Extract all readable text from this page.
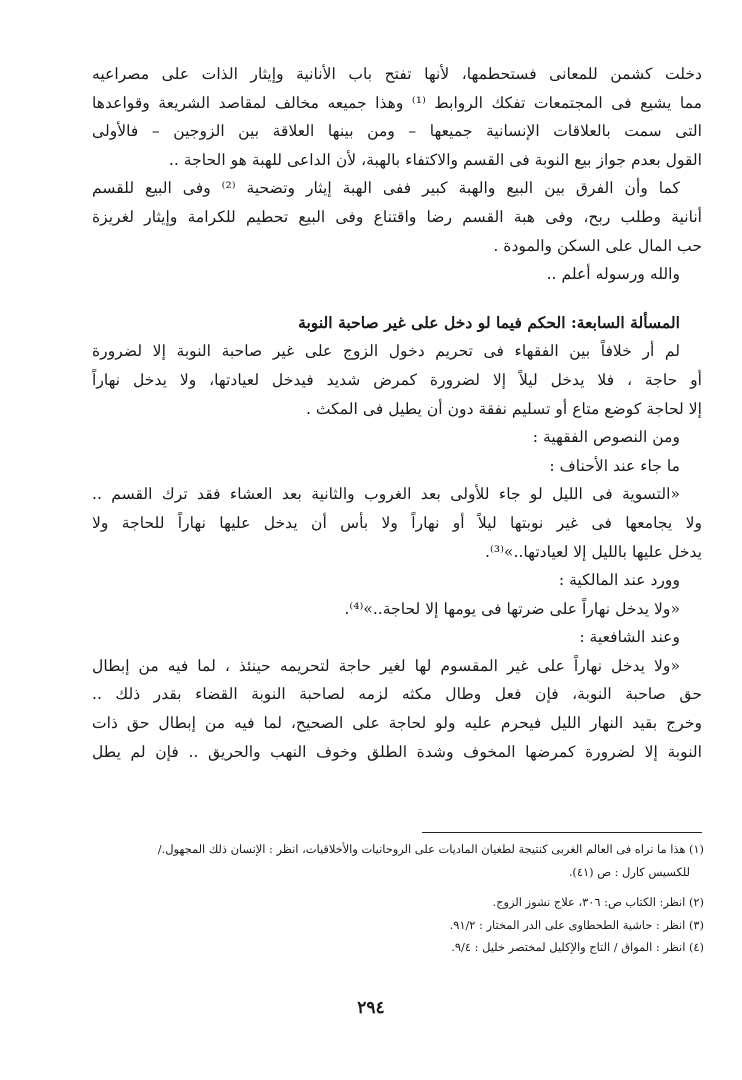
دخلت كشمن للمعانى فستحطمها، لأنها تفتح باب الأنانية وإيثار الذات على مصراعيه
مما يشيع فى المجتمعات تفكك الروابط ⁽¹⁾ وهذا جميعه مخالف لمقاصد الشريعة وقواعدها
التى سمت بالعلاقات الإنسانية جميعها – ومن بينها العلاقة بين الزوجين – فالأولى
القول بعدم جواز بيع النوبة فى القسم والاكتفاء بالهبة، لأن الداعى للهبة هو الحاجة ..
كما وأن الفرق بين البيع والهبة كبير ففى الهبة إيثار وتضحية ⁽²⁾ وفى البيع للقسم
أنانية وطلب ربح، وفى هبة القسم رضا واقتناع وفى البيع تحطيم للكرامة وإيثار لغريزة
حب المال على السكن والمودة .
والله ورسوله أعلم ..
المسألة السابعة: الحكم فيما لو دخل على غير صاحبة النوبة
لم أر خلافاً بين الفقهاء فى تحريم دخول الزوج على غير صاحبة النوبة إلا لضرورة
أو حاجة ، فلا يدخل ليلاً إلا لضرورة كمرض شديد فيدخل لعيادتها، ولا يدخل نهاراً
إلا لحاجة كوضع متاع أو تسليم نفقة دون أن يطيل فى المكث .
ومن النصوص الفقهية :
ما جاء عند الأحناف :
«التسوية فى الليل لو جاء للأولى بعد الغروب والثانية بعد العشاء فقد ترك القسم ..
ولا يجامعها فى غير نوبتها ليلاً أو نهاراً ولا بأس أن يدخل عليها نهاراً للحاجة ولا
يدخل عليها بالليل إلا لعيادتها..»⁽³⁾.
وورد عند المالكية :
«ولا يدخل نهاراً على ضرتها فى يومها إلا لحاجة..»⁽⁴⁾.
وعند الشافعية :
«ولا يدخل نهاراً على غير المقسوم لها لغير حاجة لتحريمه حينئذ ، لما فيه من إبطال
حق صاحبة النوبة، فإن فعل وطال مكثه لزمه لصاحبة النوبة القضاء بقدر ذلك ..
وخرج بقيد النهار الليل فيحرم عليه ولو لحاجة على الصحيح، لما فيه من إبطال حق ذات
النوبة إلا لضرورة كمرضها المخوف وشدة الطلق وخوف النهب والحريق .. فإن لم يطل
(١) هذا ما نراه فى العالم الغربى كنتيجة لطغيان الماديات على الروحانيات والأخلاقيات، انظر : الإنسان ذلك المجهول./
للكسيس كارل : ص (٤١).
(٢) انظر: الكتاب ص: ٣٠٦، علاج نشوز الزوج.
(٣) انظر : حاشية الطحطاوى على الدر المختار : ٩١/٢.
(٤) انظر : المواق / التاج والإكليل لمختصر خليل : ٩/٤.
٢٩٤
